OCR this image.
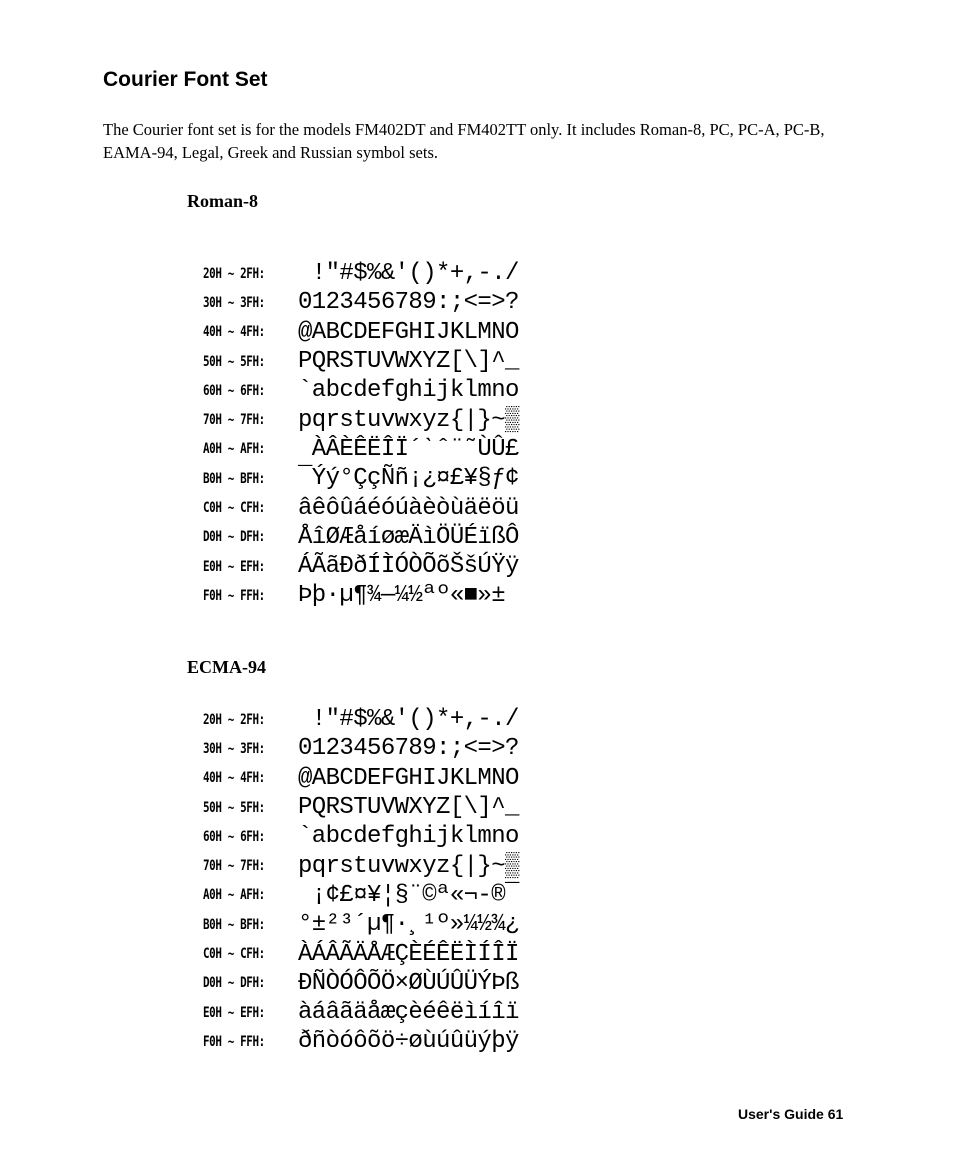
Courier Font Set

The Courier font set is for the models FM402DT and FM402TT only. It includes Roman-8, PC, PC-A, PC-B, EAMA-94, Legal, Greek and Russian symbol sets.

Roman-8
20H ~ 2FH:	!"#$%&'()*+,-./
30H ~ 3FH:	0123456789:;<=>?
40H ~ 4FH:	@ABCDEFGHIJKLMNO
50H ~ 5FH:	PQRSTUVWXYZ[\]^_
60H ~ 6FH:	`abcdefghijklmno
70H ~ 7FH:	pqrstuvwxyz{|}~▒
A0H ~ AFH:	ÀÂÈÊËÎÏ´ˋˆ¨˜ÙÛ£
B0H ~ BFH:	¯Ýý°ÇçÑñ¡¿¤£¥§ƒ¢
C0H ~ CFH:	âêôûáéóúàèòùäëöü
D0H ~ DFH:	ÅîØÆåíøæÄìÖÜÉïßÔ
E0H ~ EFH:	ÁÃãĐðÍÌÓÒÕõŠšÚŸÿ
F0H ~ FFH:	Þþ·µ¶¾—¼½ªº«■»±
ECMA-94
20H ~ 2FH:	!"#$%&'()*+,-./
30H ~ 3FH:	0123456789:;<=>?
40H ~ 4FH:	@ABCDEFGHIJKLMNO
50H ~ 5FH:	PQRSTUVWXYZ[\]^_
60H ~ 6FH:	`abcdefghijklmno
70H ~ 7FH:	pqrstuvwxyz{|}~▒
A0H ~ AFH:	¡¢£¤¥¦§¨©ª«¬-®¯
B0H ~ BFH:	°±²³´µ¶·¸¹º»¼½¾¿
C0H ~ CFH:	ÀÁÂÃÄÅÆÇÈÉÊËÌÍÎÏ
D0H ~ DFH:	ÐÑÒÓÔÕÖ×ØÙÚÛÜÝÞß
E0H ~ EFH:	àáâãäåæçèéêëìíîï
F0H ~ FFH:	ðñòóôõö÷øùúûüýþÿ
User's Guide 61
